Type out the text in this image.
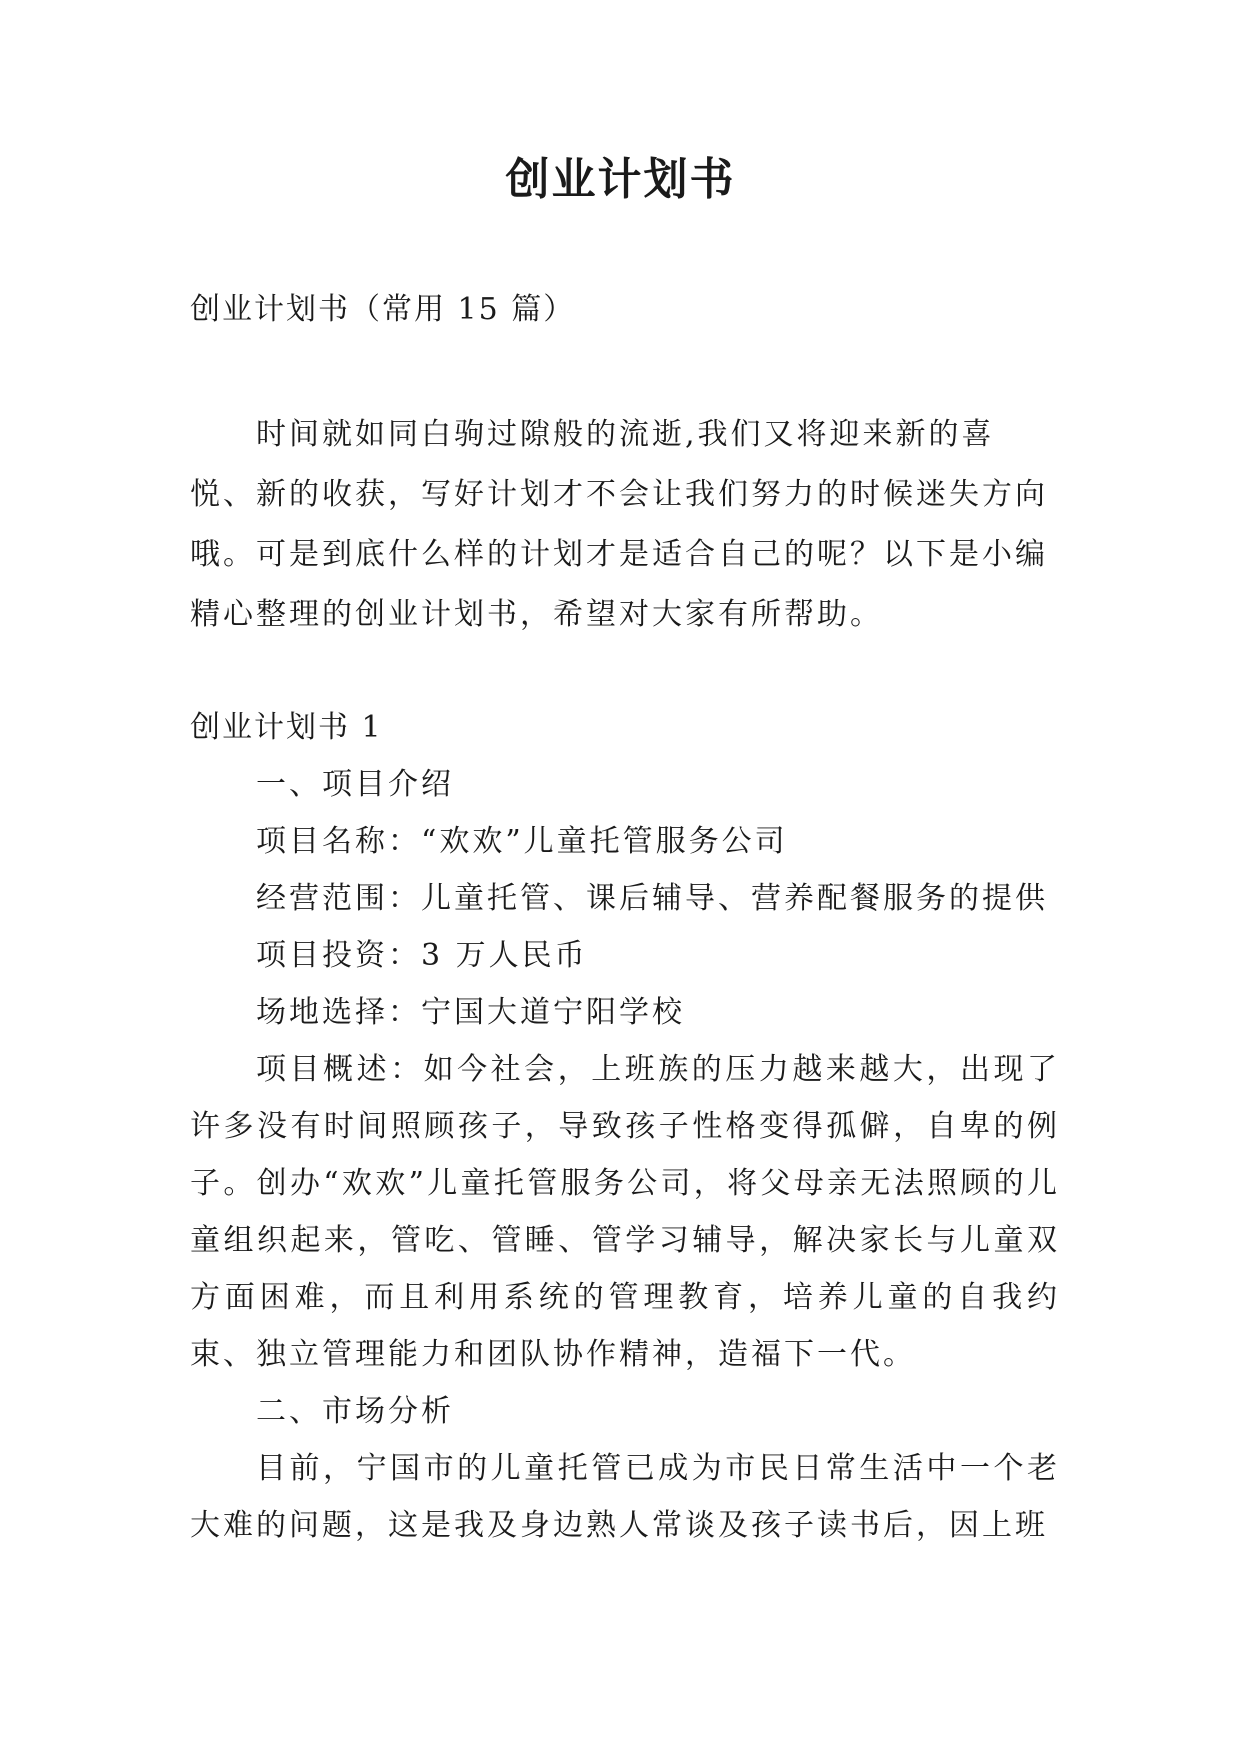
创业计划书
创业计划书（常用 15 篇）

时间就如同白驹过隙般的流逝,我们又将迎来新的喜悦、新的收获，写好计划才不会让我们努力的时候迷失方向哦。可是到底什么样的计划才是适合自己的呢？以下是小编精心整理的创业计划书，希望对大家有所帮助。

创业计划书 1

一、项目介绍

项目名称：“欢欢”儿童托管服务公司

经营范围：儿童托管、课后辅导、营养配餐服务的提供

项目投资：3 万人民币

场地选择：宁国大道宁阳学校

项目概述：如今社会，上班族的压力越来越大，出现了许多没有时间照顾孩子，导致孩子性格变得孤僻，自卑的例子。创办“欢欢”儿童托管服务公司，将父母亲无法照顾的儿童组织起来，管吃、管睡、管学习辅导，解决家长与儿童双方面困难，而且利用系统的管理教育，培养儿童的自我约束、独立管理能力和团队协作精神，造福下一代。

二、市场分析

目前，宁国市的儿童托管已成为市民日常生活中一个老大难的问题，这是我及身边熟人常谈及孩子读书后，因上班
